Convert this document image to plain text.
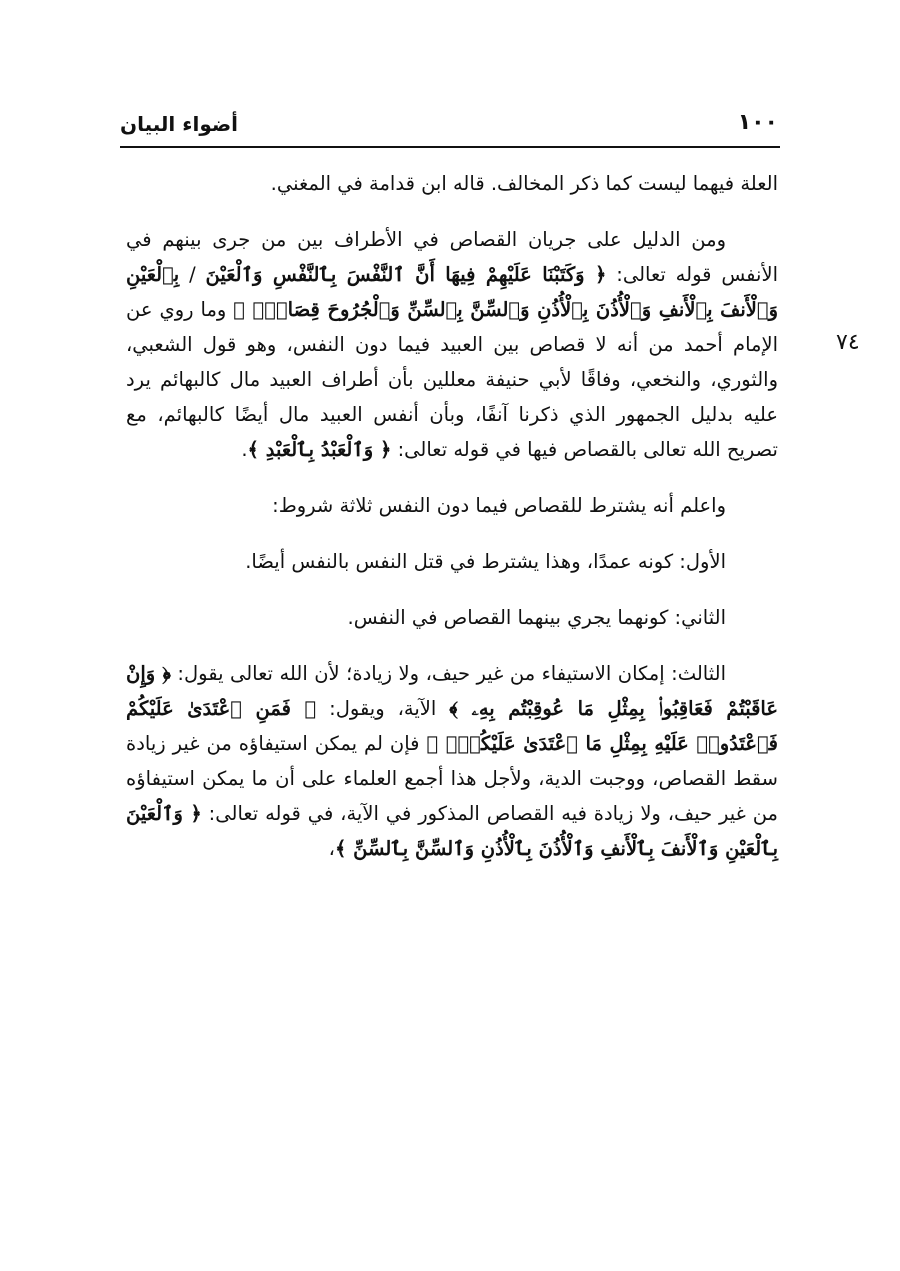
أضواء البيان	١٠٠
٧٤

العلة فيهما ليست كما ذكر المخالف. قاله ابن قدامة في المغني.

ومن الدليل على جريان القصاص في الأطراف بين من جرى بينهم في الأنفس قوله تعالى: ﴿ وَكَتَبْنَا عَلَيْهِمْ فِيهَا أَنَّ ٱلنَّفْسَ بِٱلنَّفْسِ وَٱلْعَيْنَ / بِٱلْعَيْنِ وَٱلْأَنفَ بِٱلْأَنفِ وَٱلْأُذُنَ بِٱلْأُذُنِ وَٱلسِّنَّ بِٱلسِّنِّ وَٱلْجُرُوحَ قِصَاصٌۚ ﴾ وما روي عن الإمام أحمد من أنه لا قصاص بين العبيد فيما دون النفس، وهو قول الشعبي، والثوري، والنخعي، وفاقًا لأبي حنيفة معللين بأن أطراف العبيد مال كالبهائم يرد عليه بدليل الجمهور الذي ذكرنا آنفًا، وبأن أنفس العبيد مال أيضًا كالبهائم، مع تصريح الله تعالى بالقصاص فيها في قوله تعالى: ﴿ وَٱلْعَبْدُ بِٱلْعَبْدِ ﴾.

واعلم أنه يشترط للقصاص فيما دون النفس ثلاثة شروط:

الأول: كونه عمدًا، وهذا يشترط في قتل النفس بالنفس أيضًا.

الثاني: كونهما يجري بينهما القصاص في النفس.

الثالث: إمكان الاستيفاء من غير حيف، ولا زيادة؛ لأن الله تعالى يقول: ﴿ وَإِنْ عَاقَبْتُمْ فَعَاقِبُوا۟ بِمِثْلِ مَا عُوقِبْتُم بِهِۦ ﴾ الآية، ويقول: ﴿ فَمَنِ ٱعْتَدَىٰ عَلَيْكُمْ فَٱعْتَدُوا۟ عَلَيْهِ بِمِثْلِ مَا ٱعْتَدَىٰ عَلَيْكُمْۚ ﴾ فإن لم يمكن استيفاؤه من غير زيادة سقط القصاص، ووجبت الدية، ولأجل هذا أجمع العلماء على أن ما يمكن استيفاؤه من غير حيف، ولا زيادة فيه القصاص المذكور في الآية، في قوله تعالى: ﴿ وَٱلْعَيْنَ بِٱلْعَيْنِ وَٱلْأَنفَ بِٱلْأَنفِ وَٱلْأُذُنَ بِٱلْأُذُنِ وَٱلسِّنَّ بِٱلسِّنِّ ﴾،
